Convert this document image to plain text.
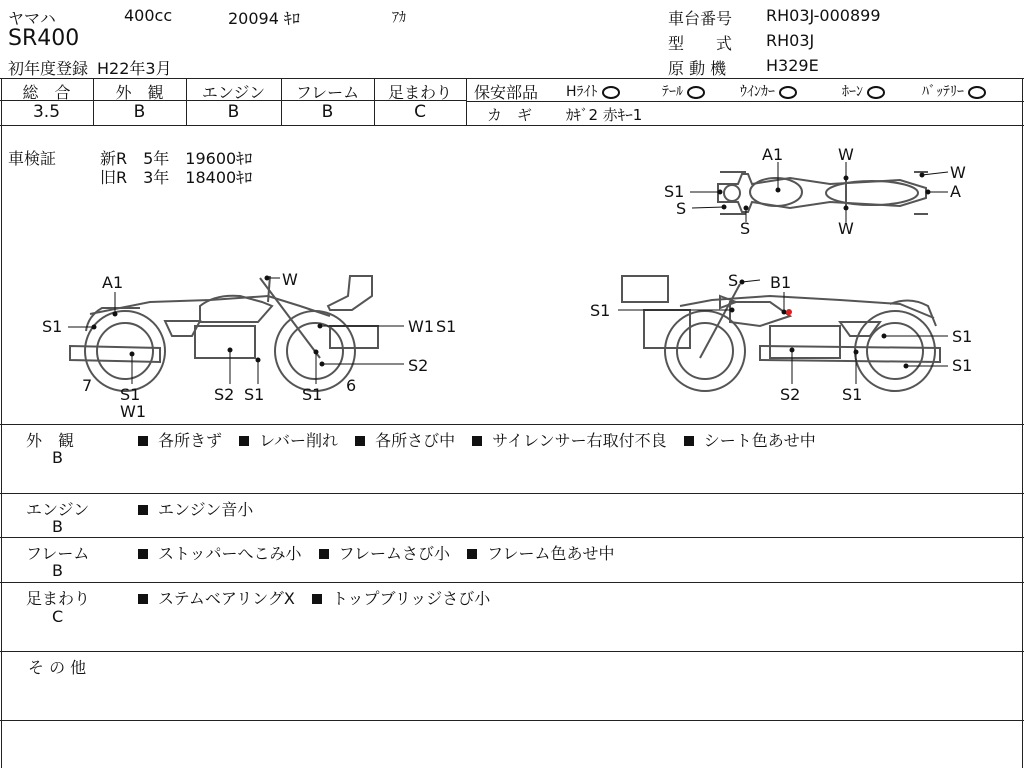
ヤマハ	400cc	20094 ｷﾛ	ｱｶ
SR400
初年度登録 H22年3月
車台番号 RH03J-000899
型　　式 RH03J
原 動 機 H329E
総　合	外　観	エンジン	フレーム	足まわり
3.5	B	B	B	C
保安部品 Hﾗｲﾄ	ﾃｰﾙ	ｳｲﾝｶｰ	ﾎｰﾝ	ﾊﾞｯﾃﾘｰ
カ　ギ ｶｷﾞ2 赤ｷｰ1
車検証	新R　5年　19600ｷﾛ
旧R　3年　18400ｷﾛ
A1	W
W
A
S1
S
S	W
A1	W
S1	W1 S1
S2
7 S1
W1
S2 S1 S1 6
S B1
S1
S1
S1
S2	S1
外　観
B
各所きず レバー削れ 各所さび中 サイレンサー右取付不良 シート色あせ中
エンジン
B
エンジン音小
フレーム
B
ストッパーへこみ小 フレームさび小 フレーム色あせ中
足まわり
C
ステムベアリングX トップブリッジさび小
そ の 他
